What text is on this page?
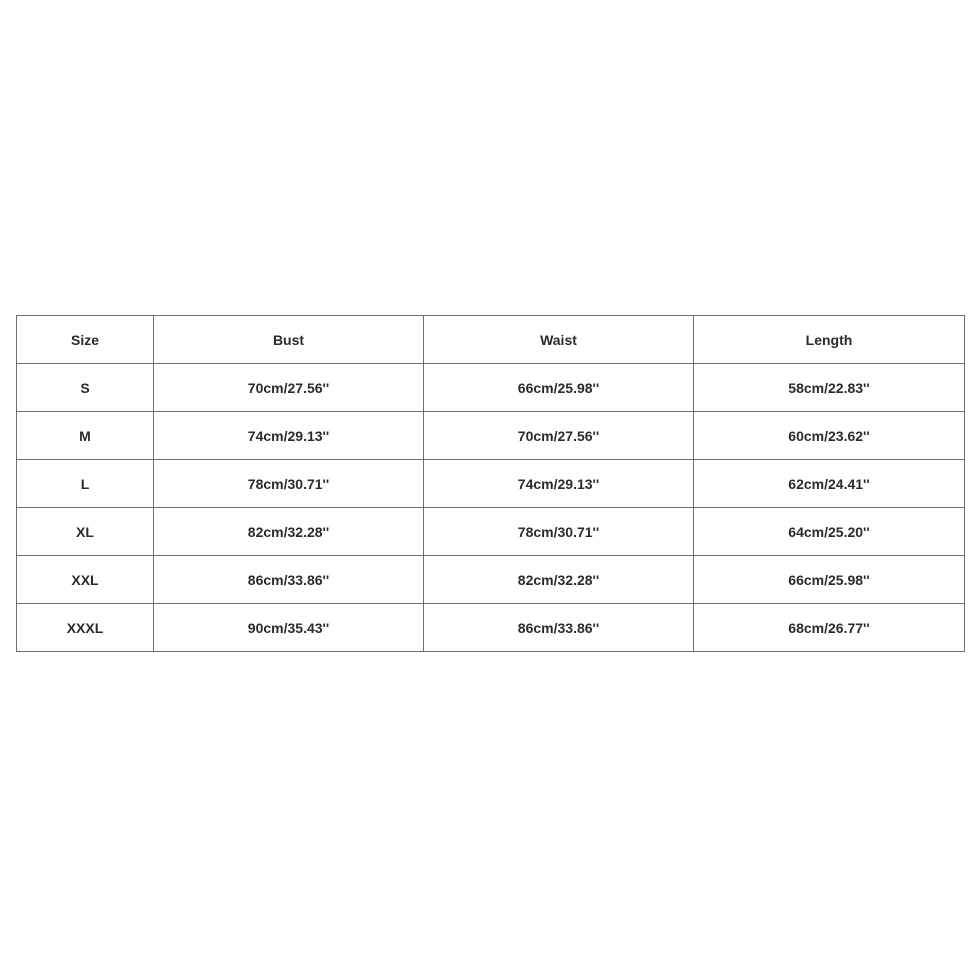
Size	Bust	Waist	Length
S	70cm/27.56''	66cm/25.98''	58cm/22.83''
M	74cm/29.13''	70cm/27.56''	60cm/23.62''
L	78cm/30.71''	74cm/29.13''	62cm/24.41''
XL	82cm/32.28''	78cm/30.71''	64cm/25.20''
XXL	86cm/33.86''	82cm/32.28''	66cm/25.98''
XXXL	90cm/35.43''	86cm/33.86''	68cm/26.77''
